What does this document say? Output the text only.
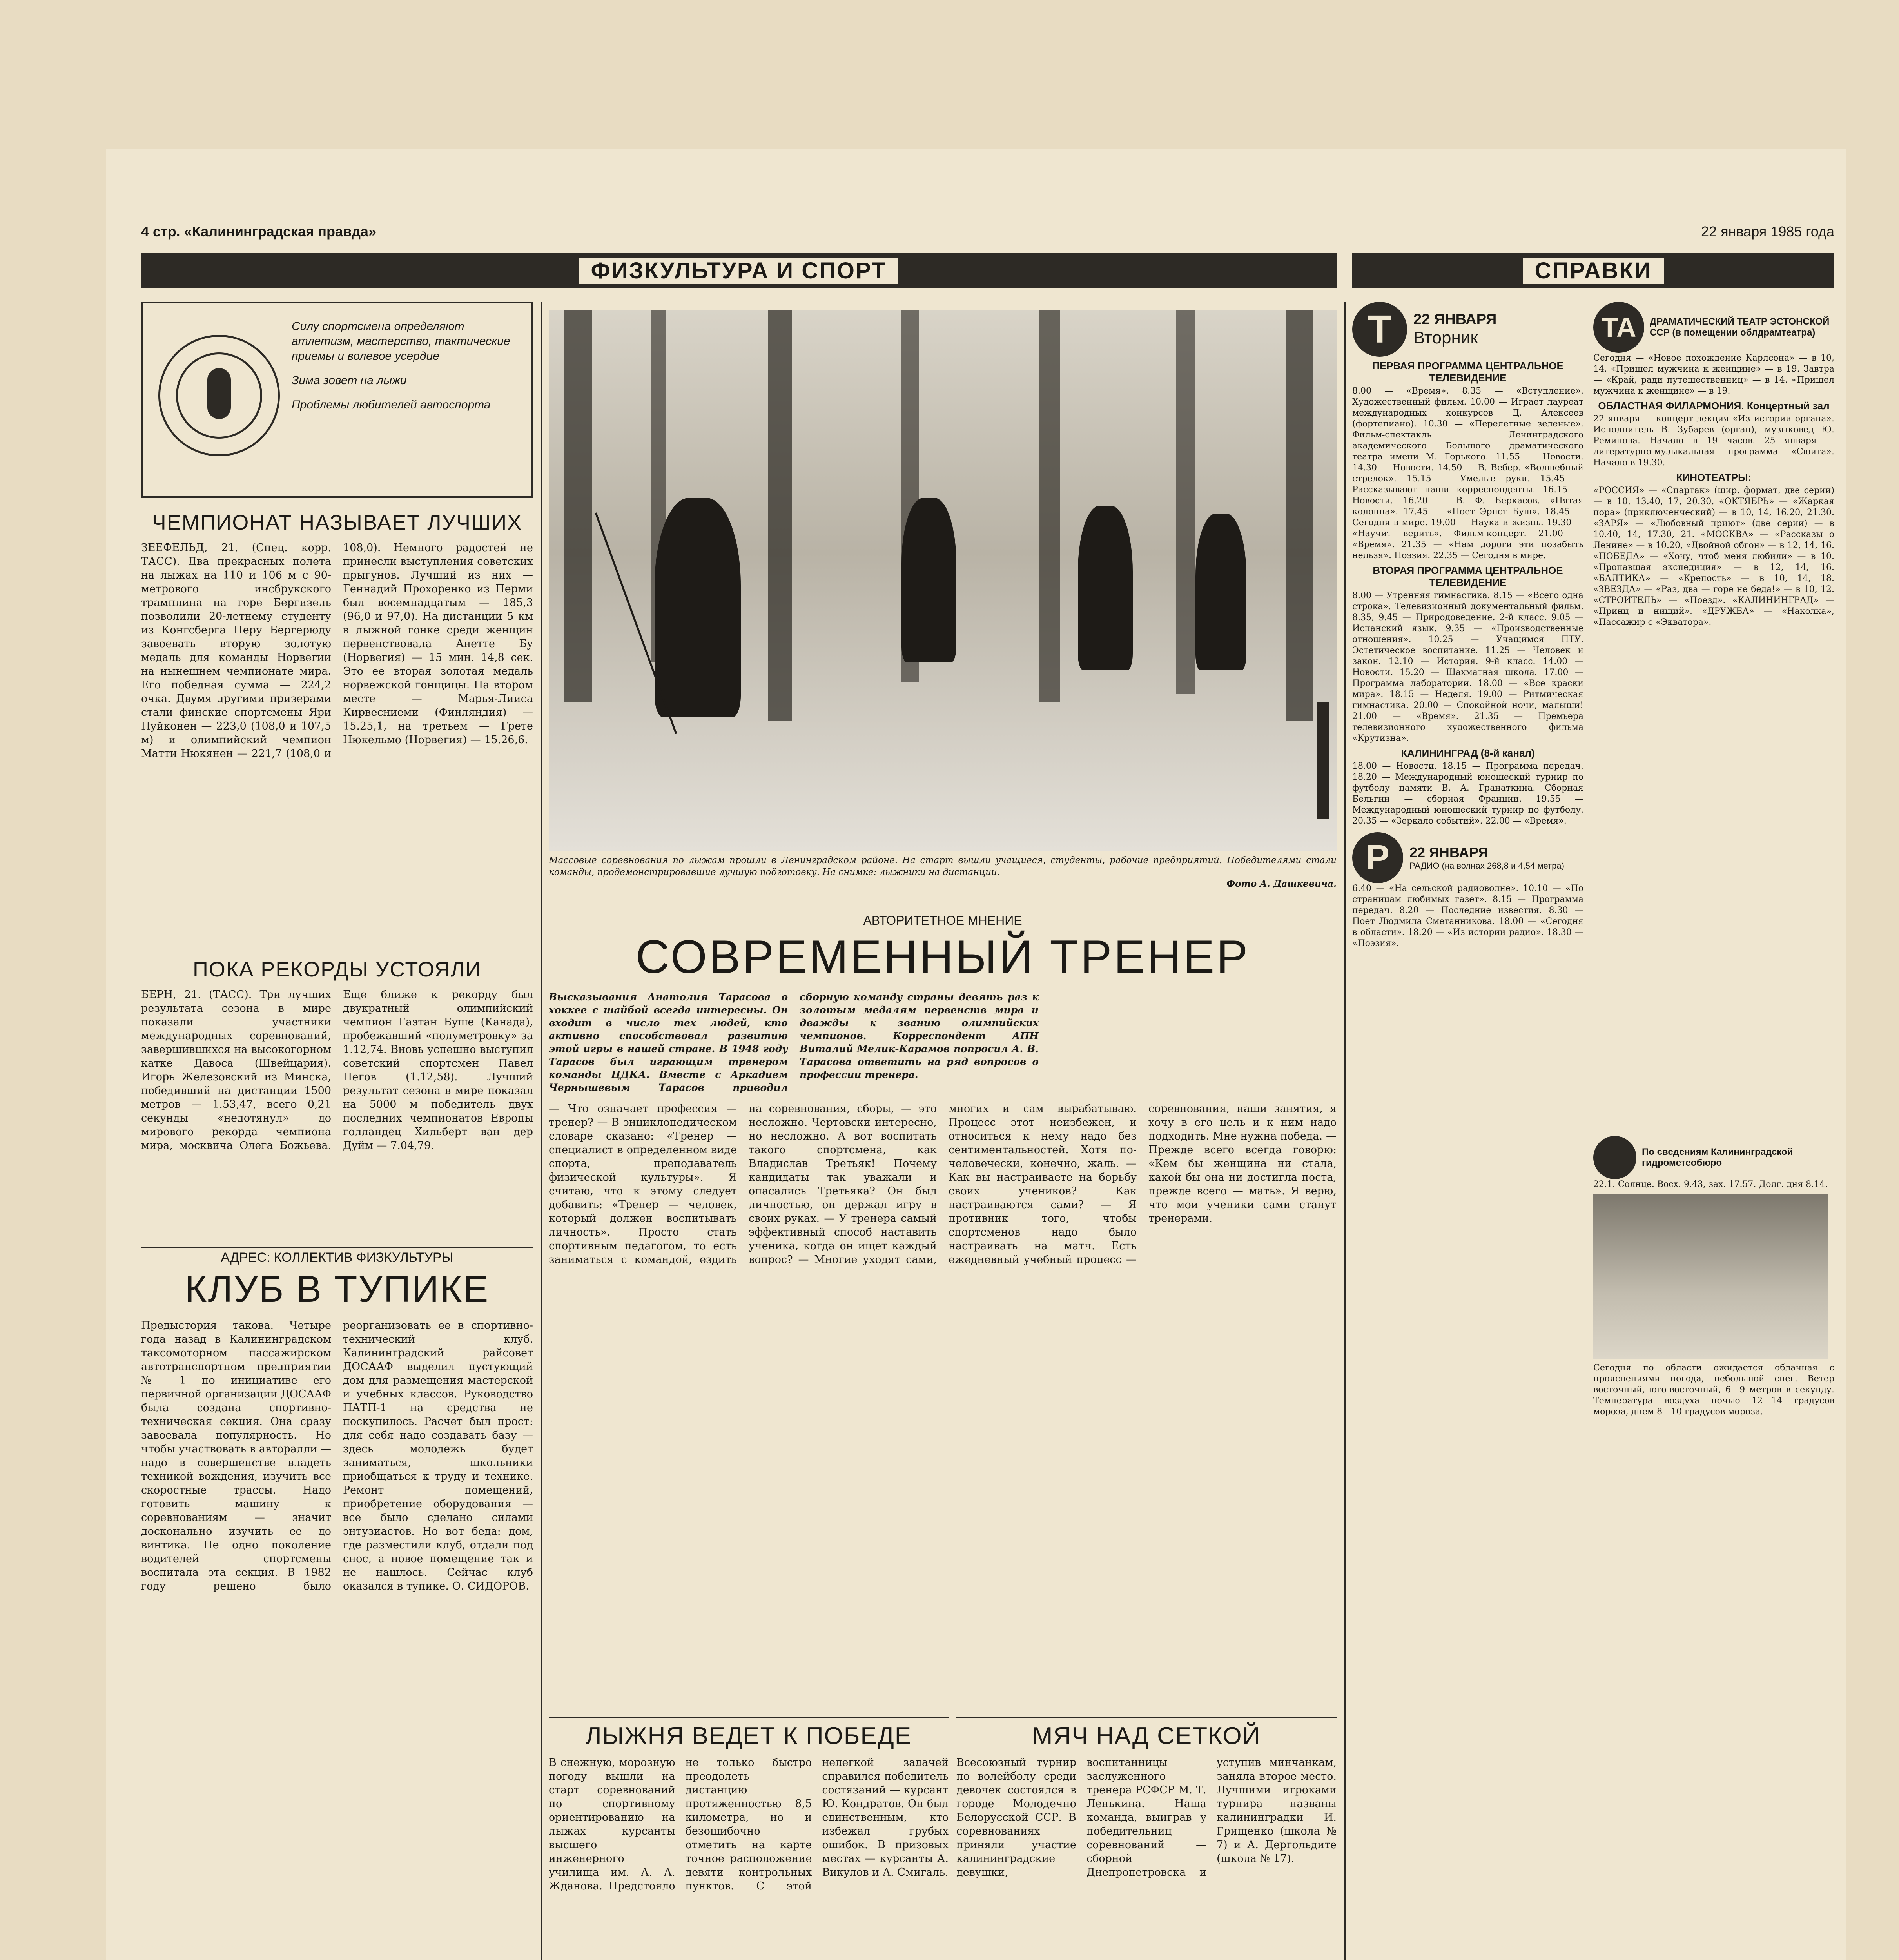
4 стр. «Калининградская правда»	22 января 1985 года
ФИЗКУЛЬТУРА И СПОРТ	СПРАВКИ

Силу спортсмена определяют атлетизм, мастерство, тактические приемы и волевое усердие

Зима зовет на лыжи

Проблемы любителей автоспорта

ЧЕМПИОНАТ НАЗЫВАЕТ ЛУЧШИХ

ЗЕЕФЕЛЬД, 21. (Спец. корр. ТАСС). Два прекрасных полета на лыжах на 110 и 106 м с 90-метрового инсбрукского трамплина на горе Бергизель позволили 20-летнему студенту из Конгсберга Перу Бергерюду завоевать вторую золотую медаль для команды Норвегии на нынешнем чемпионате мира. Его победная сумма — 224,2 очка. Двумя другими призерами стали финские спортсмены Яри Пуйконен — 223,0 (108,0 и 107,5 м) и олимпийский чемпион Матти Нюкянен — 221,7 (108,0 и 108,0). Немного радостей не принесли выступления советских прыгунов. Лучший из них — Геннадий Прохоренко из Перми был восемнадцатым — 185,3 (96,0 и 97,0). На дистанции 5 км в лыжной гонке среди женщин первенствовала Анетте Бу (Норвегия) — 15 мин. 14,8 сек. Это ее вторая золотая медаль норвежской гонщицы. На втором месте — Марья-Лииса Кирвесниеми (Финляндия) — 15.25,1, на третьем — Грете Нюкельмо (Норвегия) — 15.26,6.

ПОКА РЕКОРДЫ УСТОЯЛИ

БЕРН, 21. (ТАСС). Три лучших результата сезона в мире показали участники международных соревнований, завершившихся на высокогорном катке Давоса (Швейцария). Игорь Железовский из Минска, победивший на дистанции 1500 метров — 1.53,47, всего 0,21 секунды «недотянул» до мирового рекорда чемпиона мира, москвича Олега Божьева. Еще ближе к рекорду был двукратный олимпийский чемпион Гаэтан Буше (Канада), пробежавший «полуметровку» за 1.12,74. Вновь успешно выступил советский спортсмен Павел Пегов (1.12,58). Лучший результат сезона в мире показал на 5000 м победитель двух последних чемпионатов Европы голландец Хильберт ван дер Дуйм — 7.04,79.

АДРЕС: КОЛЛЕКТИВ ФИЗКУЛЬТУРЫ
КЛУБ В ТУПИКЕ

Предыстория такова. Четыре года назад в Калининградском таксомоторном пассажирском автотранспортном предприятии № 1 по инициативе его первичной организации ДОСААФ была создана спортивно-техническая секция. Она сразу завоевала популярность. Но чтобы участвовать в авторалли — надо в совершенстве владеть техникой вождения, изучить все скоростные трассы. Надо готовить машину к соревнованиям — значит досконально изучить ее до винтика. Не одно поколение водителей спортсмены воспитала эта секция. В 1982 году решено было реорганизовать ее в спортивно-технический клуб. Калининградский райсовет ДОСААФ выделил пустующий дом для размещения мастерской и учебных классов. Руководство ПАТП-1 на средства не поскупилось. Расчет был прост: для себя надо создавать базу — здесь молодежь будет заниматься, школьники приобщаться к труду и технике. Ремонт помещений, приобретение оборудования — все было сделано силами энтузиастов. Но вот беда: дом, где разместили клуб, отдали под снос, а новое помещение так и не нашлось. Сейчас клуб оказался в тупике. О. СИДОРОВ.

Массовые соревнования по лыжам прошли в Ленинградском районе. На старт вышли учащиеся, студенты, рабочие предприятий. Победителями стали команды, продемонстрировавшие лучшую подготовку. На снимке: лыжники на дистанции.

Фото А. Дашкевича.

АВТОРИТЕТНОЕ МНЕНИЕ
СОВРЕМЕННЫЙ ТРЕНЕР

Высказывания Анатолия Тарасова о хоккее с шайбой всегда интересны. Он входит в число тех людей, кто активно способствовал развитию этой игры в нашей стране. В 1948 году Тарасов был играющим тренером команды ЦДКА. Вместе с Аркадием Чернышевым Тарасов приводил сборную команду страны девять раз к золотым медалям первенств мира и дважды к званию олимпийских чемпионов. Корреспондент АПН Виталий Мелик-Карамов попросил А. В. Тарасова ответить на ряд вопросов о профессии тренера.

— Что означает профессия — тренер? — В энциклопедическом словаре сказано: «Тренер — специалист в определенном виде спорта, преподаватель физической культуры». Я считаю, что к этому следует добавить: «Тренер — человек, который должен воспитывать личность». Просто стать спортивным педагогом, то есть заниматься с командой, ездить на соревнования, сборы, — это несложно. Чертовски интересно, но несложно. А вот воспитать такого спортсмена, как Владислав Третьяк! Почему кандидаты так уважали и опасались Третьяка? Он был личностью, он держал игру в своих руках. — У тренера самый эффективный способ наставить ученика, когда он ищет каждый вопрос? — Многие уходят сами, многих и сам вырабатываю. Процесс этот неизбежен, и относиться к нему надо без сентиментальностей. Хотя по-человечески, конечно, жаль. — Как вы настраиваете на борьбу своих учеников? Как настраиваются сами? — Я противник того, чтобы спортсменов надо было настраивать на матч. Есть ежедневный учебный процесс — соревнования, наши занятия, я хочу в его цель и к ним надо подходить. Мне нужна победа. — Прежде всего всегда говорю: «Кем бы женщина ни стала, какой бы она ни достигла поста, прежде всего — мать». Я верю, что мои ученики сами станут тренерами.

ЛЫЖНЯ ВЕДЕТ К ПОБЕДЕ

В снежную, морозную погоду вышли на старт соревнований по спортивному ориентированию на лыжах курсанты высшего инженерного училища им. А. А. Жданова. Предстояло не только быстро преодолеть дистанцию протяженностью 8,5 километра, но и безошибочно отметить на карте точное расположение девяти контрольных пунктов. С этой нелегкой задачей справился победитель состязаний — курсант Ю. Кондратов. Он был единственным, кто избежал грубых ошибок. В призовых местах — курсанты А. Викулов и А. Смигаль.

МЯЧ НАД СЕТКОЙ

Всесоюзный турнир по волейболу среди девочек состоялся в городе Молодечно Белорусской ССР. В соревнованиях приняли участие калининградские девушки, воспитанницы заслуженного тренера РСФСР М. Т. Ленькина. Наша команда, выиграв у победительниц соревнований — сборной Днепропетровска и уступив минчанкам, заняла второе место. Лучшими игроками турнира названы калининградки И. Грищенко (школа № 7) и А. Дергольдите (школа № 17).

Т	22 ЯНВАРЯ
Вторник
ПЕРВАЯ ПРОГРАММА ЦЕНТРАЛЬНОЕ ТЕЛЕВИДЕНИЕ

8.00 — «Время». 8.35 — «Вступление». Художественный фильм. 10.00 — Играет лауреат международных конкурсов Д. Алексеев (фортепиано). 10.30 — «Перелетные зеленые». Фильм-спектакль Ленинградского академического Большого драматического театра имени М. Горького. 11.55 — Новости. 14.30 — Новости. 14.50 — В. Вебер. «Волшебный стрелок». 15.15 — Умелые руки. 15.45 — Рассказывают наши корреспонденты. 16.15 — Новости. 16.20 — В. Ф. Беркасов. «Пятая колонна». 17.45 — «Поет Эрнст Буш». 18.45 — Сегодня в мире. 19.00 — Наука и жизнь. 19.30 — «Научит верить». Фильм-концерт. 21.00 — «Время». 21.35 — «Нам дороги эти позабыть нельзя». Поэзия. 22.35 — Сегодня в мире.

ВТОРАЯ ПРОГРАММА ЦЕНТРАЛЬНОЕ ТЕЛЕВИДЕНИЕ

8.00 — Утренняя гимнастика. 8.15 — «Всего одна строка». Телевизионный документальный фильм. 8.35, 9.45 — Природоведение. 2-й класс. 9.05 — Испанский язык. 9.35 — «Производственные отношения». 10.25 — Учащимся ПТУ. Эстетическое воспитание. 11.25 — Человек и закон. 12.10 — История. 9-й класс. 14.00 — Новости. 15.20 — Шахматная школа. 17.00 — Программа лаборатории. 18.00 — «Все краски мира». 18.15 — Неделя. 19.00 — Ритмическая гимнастика. 20.00 — Спокойной ночи, малыши! 21.00 — «Время». 21.35 — Премьера телевизионного художественного фильма «Крутизна».

КАЛИНИНГРАД (8-й канал)

18.00 — Новости. 18.15 — Программа передач. 18.20 — Международный юношеский турнир по футболу памяти В. А. Гранаткина. Сборная Бельгии — сборная Франции. 19.55 — Международный юношеский турнир по футболу. 20.35 — «Зеркало событий». 22.00 — «Время».

Р	22 ЯНВАРЯ
РАДИО (на волнах 268,8 и 4,54 метра)

6.40 — «На сельской радиоволне». 10.10 — «По страницам любимых газет». 8.15 — Программа передач. 8.20 — Последние известия. 8.30 — Поет Людмила Сметанникова. 18.00 — «Сегодня в области». 18.20 — «Из истории радио». 18.30 — «Поэзия».

ТА	ДРАМАТИЧЕСКИЙ ТЕАТР ЭСТОНСКОЙ ССР (в помещении облдрамтеатра)

Сегодня — «Новое похождение Карлсона» — в 10, 14. «Пришел мужчина к женщине» — в 19. Завтра — «Край, ради путешественниц» — в 14. «Пришел мужчина к женщине» — в 19.

ОБЛАСТНАЯ ФИЛАРМОНИЯ. Концертный зал

22 января — концерт-лекция «Из истории органа». Исполнитель В. Зубарев (орган), музыковед Ю. Реминова. Начало в 19 часов. 25 января — литературно-музыкальная программа «Сюита». Начало в 19.30.

КИНОТЕАТРЫ:

«РОССИЯ» — «Спартак» (шир. формат, две серии) — в 10, 13.40, 17, 20.30. «ОКТЯБРЬ» — «Жаркая пора» (приключенческий) — в 10, 14, 16.20, 21.30. «ЗАРЯ» — «Любовный приют» (две серии) — в 10.40, 14, 17.30, 21. «МОСКВА» — «Рассказы о Ленине» — в 10.20, «Двойной обгон» — в 12, 14, 16. «ПОБЕДА» — «Хочу, чтоб меня любили» — в 10. «Пропавшая экспедиция» — в 12, 14, 16. «БАЛТИКА» — «Крепость» — в 10, 14, 18. «ЗВЕЗДА» — «Раз, два — горе не беда!» — в 10, 12. «СТРОИТЕЛЬ» — «Поезд». «КАЛИНИНГРАД» — «Принц и нищий». «ДРУЖБА» — «Наколка», «Пассажир с «Экватора».

По сведениям Калининградской гидрометеобюро

22.1. Солнце. Восх. 9.43, зах. 17.57. Долг. дня 8.14.

Сегодня по области ожидается облачная с прояснениями погода, небольшой снег. Ветер восточный, юго-восточный, 6—9 метров в секунду. Температура воздуха ночью 12—14 градусов мороза, днем 8—10 градусов мороза.
